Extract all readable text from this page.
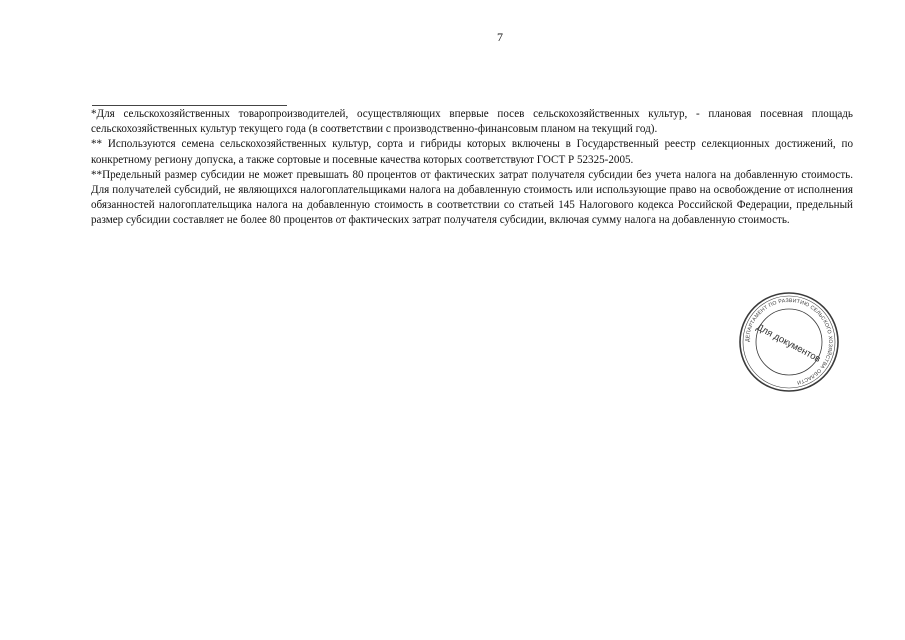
7

*Для сельскохозяйственных товаропроизводителей, осуществляющих впервые посев сельскохозяйственных культур, - плановая посевная площадь сельскохозяйственных культур текущего года (в соответствии с производственно-финансовым планом на текущий год).

** Используются семена сельскохозяйственных культур, сорта и гибриды которых включены в Государственный реестр селекционных достижений, по конкретному региону допуска, а также сортовые и посевные качества которых соответствуют ГОСТ Р 52325-2005.

**Предельный размер субсидии не может превышать 80 процентов от фактических затрат получателя субсидии без учета налога на добавленную стоимость. Для получателей субсидий, не являющихся налогоплательщиками налога на добавленную стоимость или использующие право на освобождение от исполнения обязанностей налогоплательщика налога на добавленную стоимость в соответствии со статьей 145 Налогового кодекса Российской Федерации, предельный размер субсидии составляет не более 80 процентов от фактических затрат получателя субсидии, включая сумму налога на добавленную стоимость.

ДЕПАРТАМЕНТ ПО РАЗВИТИЮ СЕЛЬСКОГО ХОЗЯЙСТВА ОБЛАСТИ
Для документов
